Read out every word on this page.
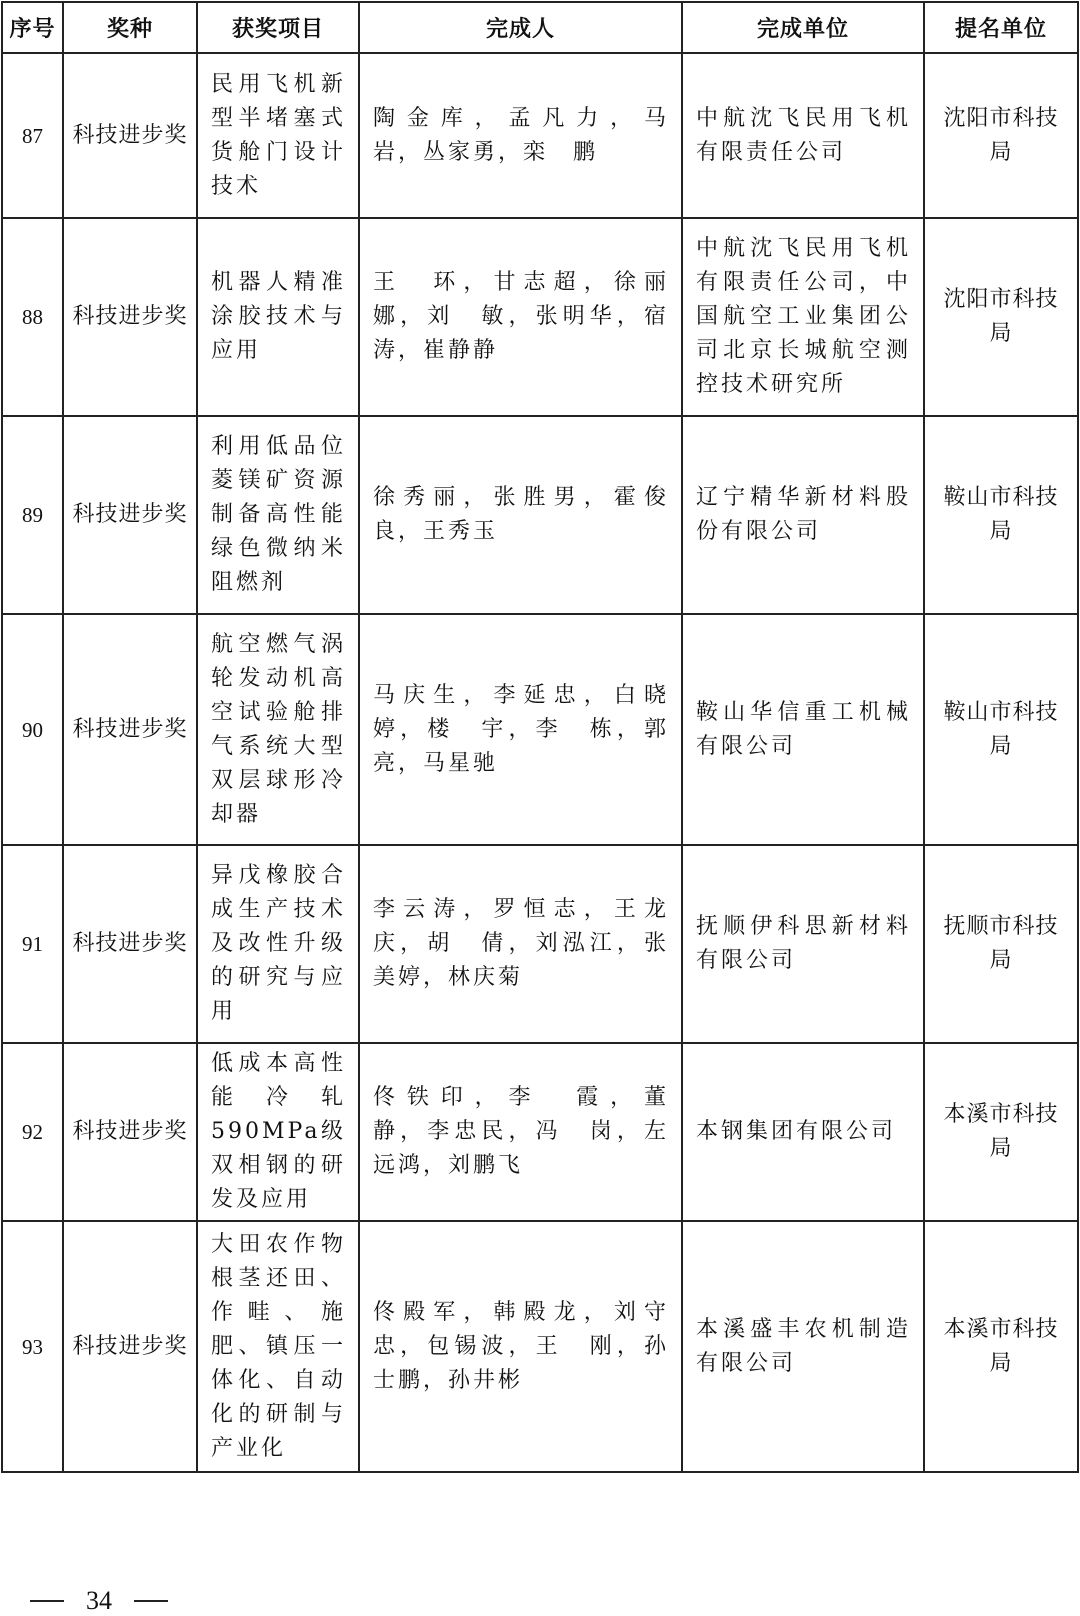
序号	奖种	获奖项目	完成人	完成单位	提名单位
87	科技进步奖	民用飞机新型半堵塞式货舱门设计技术	陶金库，孟凡力，马　岩，丛家勇，栾　鹏	中航沈飞民用飞机有限责任公司	沈阳市科技局
88	科技进步奖	机器人精准涂胶技术与应用	王　环，甘志超，徐丽娜，刘　敏，张明华，宿　涛，崔静静	中航沈飞民用飞机有限责任公司，中国航空工业集团公司北京长城航空测控技术研究所	沈阳市科技局
89	科技进步奖	利用低品位菱镁矿资源制备高性能绿色微纳米阻燃剂	徐秀丽，张胜男，霍俊良，王秀玉	辽宁精华新材料股份有限公司	鞍山市科技局
90	科技进步奖	航空燃气涡轮发动机高空试验舱排气系统大型双层球形冷却器	马庆生，李延忠，白晓婷，楼　宇，李　栋，郭　亮，马星驰	鞍山华信重工机械有限公司	鞍山市科技局
91	科技进步奖	异戊橡胶合成生产技术及改性升级的研究与应用	李云涛，罗恒志，王龙庆，胡　倩，刘泓江，张美婷，林庆菊	抚顺伊科思新材料有限公司	抚顺市科技局
92	科技进步奖	低成本高性能冷轧590MPa级双相钢的研发及应用	佟铁印，李　霞，董　静，李忠民，冯　岗，左远鸿，刘鹏飞	本钢集团有限公司	本溪市科技局
93	科技进步奖	大田农作物根茎还田、作畦、施肥、镇压一体化、自动化的研制与产业化	佟殿军，韩殿龙，刘守忠，包锡波，王　刚，孙士鹏，孙井彬	本溪盛丰农机制造有限公司	本溪市科技局
34
